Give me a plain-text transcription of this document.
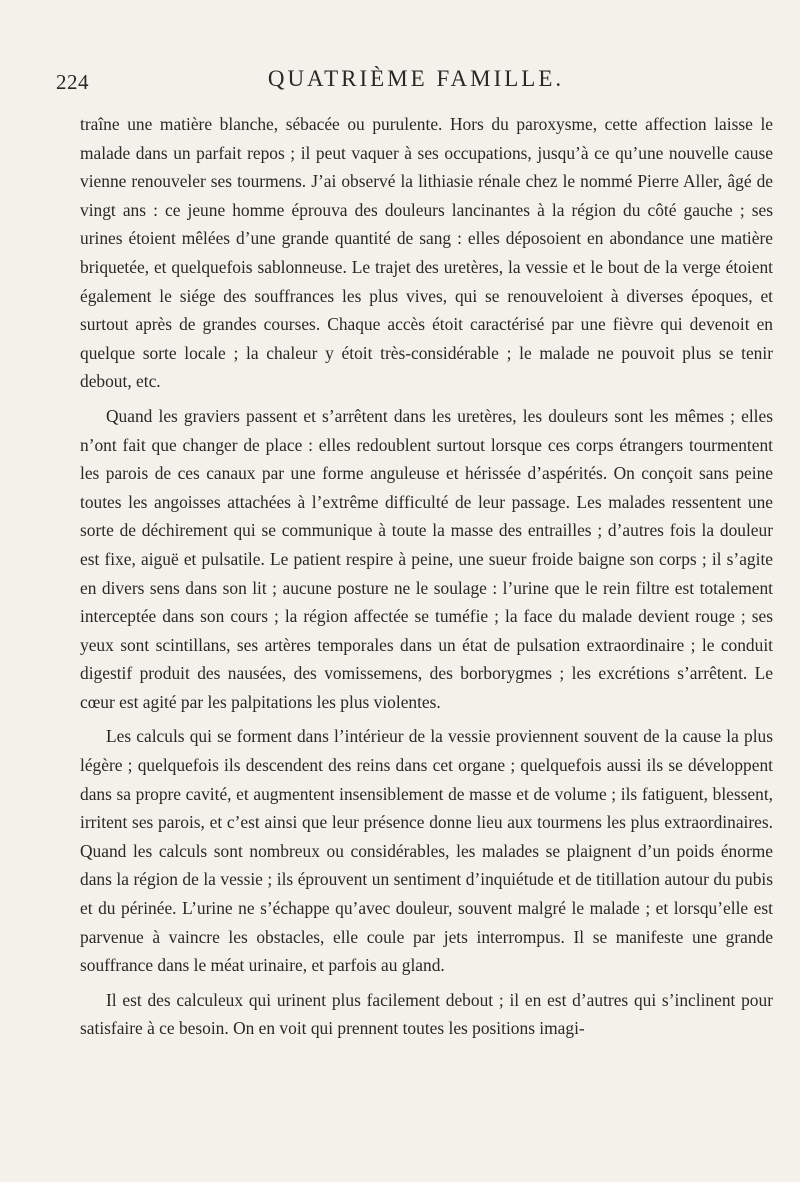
224	QUATRIÈME FAMILLE.

traîne une matière blanche, sébacée ou purulente. Hors du paroxysme, cette affection laisse le malade dans un parfait repos ; il peut vaquer à ses occupations, jusqu’à ce qu’une nouvelle cause vienne renouveler ses tourmens. J’ai observé la lithiasie rénale chez le nommé Pierre Aller, âgé de vingt ans : ce jeune homme éprouva des douleurs lancinantes à la région du côté gauche ; ses urines étoient mêlées d’une grande quantité de sang : elles déposoient en abondance une matière briquetée, et quelquefois sablonneuse. Le trajet des uretères, la vessie et le bout de la verge étoient également le siége des souffrances les plus vives, qui se renouveloient à diverses époques, et surtout après de grandes courses. Chaque accès étoit caractérisé par une fièvre qui devenoit en quelque sorte locale ; la chaleur y étoit très-considérable ; le malade ne pouvoit plus se tenir debout, etc.

Quand les graviers passent et s’arrêtent dans les uretères, les douleurs sont les mêmes ; elles n’ont fait que changer de place : elles redoublent surtout lorsque ces corps étrangers tourmentent les parois de ces canaux par une forme anguleuse et hérissée d’aspérités. On conçoit sans peine toutes les angoisses attachées à l’extrême difficulté de leur passage. Les malades ressentent une sorte de déchirement qui se communique à toute la masse des entrailles ; d’autres fois la douleur est fixe, aiguë et pulsatile. Le patient respire à peine, une sueur froide baigne son corps ; il s’agite en divers sens dans son lit ; aucune posture ne le soulage : l’urine que le rein filtre est totalement interceptée dans son cours ; la région affectée se tuméfie ; la face du malade devient rouge ; ses yeux sont scintillans, ses artères temporales dans un état de pulsation extraordinaire ; le conduit digestif produit des nausées, des vomissemens, des borborygmes ; les excrétions s’arrêtent. Le cœur est agité par les palpitations les plus violentes.

Les calculs qui se forment dans l’intérieur de la vessie proviennent souvent de la cause la plus légère ; quelquefois ils descendent des reins dans cet organe ; quelquefois aussi ils se développent dans sa propre cavité, et augmentent insensiblement de masse et de volume ; ils fatiguent, blessent, irritent ses parois, et c’est ainsi que leur présence donne lieu aux tourmens les plus extraordinaires. Quand les calculs sont nombreux ou considérables, les malades se plaignent d’un poids énorme dans la région de la vessie ; ils éprouvent un sentiment d’inquiétude et de titillation autour du pubis et du périnée. L’urine ne s’échappe qu’avec douleur, souvent malgré le malade ; et lorsqu’elle est parvenue à vaincre les obstacles, elle coule par jets interrompus. Il se manifeste une grande souffrance dans le méat urinaire, et parfois au gland.

Il est des calculeux qui urinent plus facilement debout ; il en est d’autres qui s’inclinent pour satisfaire à ce besoin. On en voit qui prennent toutes les positions imagi-
